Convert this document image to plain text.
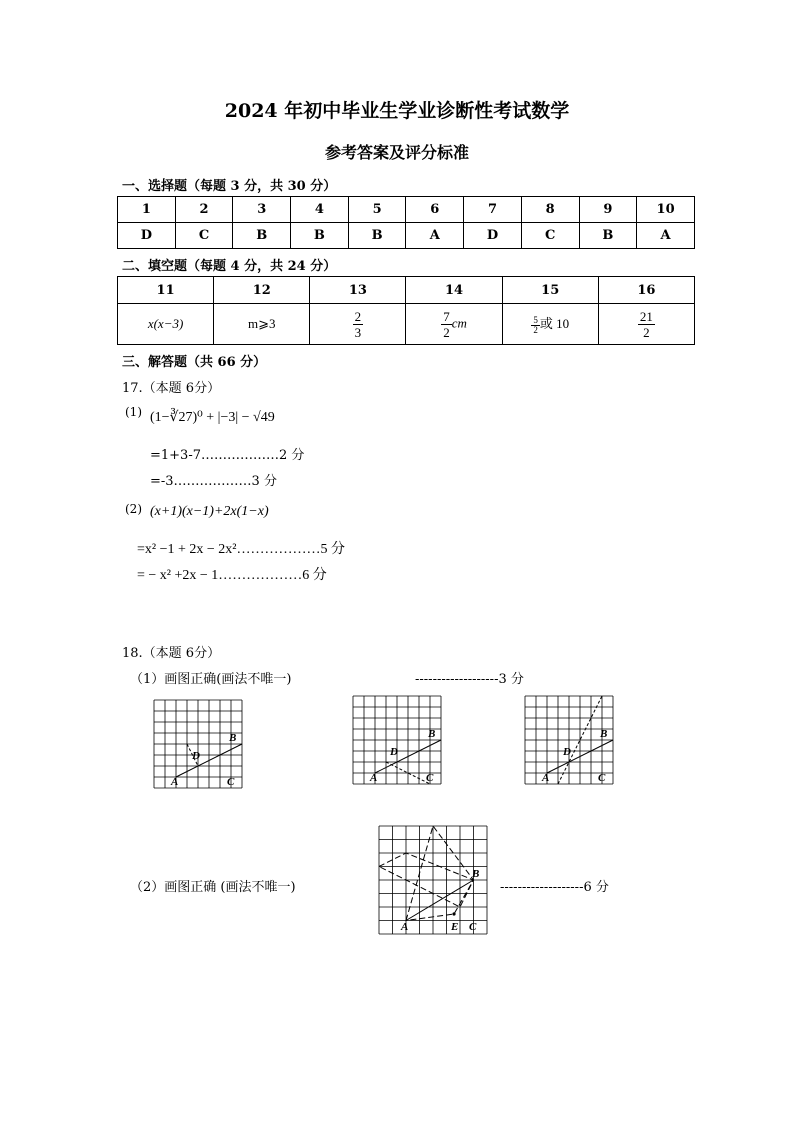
2024 年初中毕业生学业诊断性考试数学
参考答案及评分标准
一、选择题（每题 3 分，共 30 分）
1	2	3	4	5	6	7	8	9	10
D	C	B	B	B	A	D	C	B	A
二、填空题（每题 4 分，共 24 分）
11	12	13	14	15	16
x(x−3)	m⩾3	$\frac{2}{3}$	$\frac{7}{2}$ cm	$\frac{5}{2}$ 或 10	$\frac{21}{2}$
三、解答题（共 66 分）
17.（本题 6分）
(1) (1−∛27)⁰ + |−3| − √49
=1+3-7………………2 分
=-3………………3 分
(2) (x+1)(x−1)+2x(1−x)
=x² −1 + 2x − 2x²………………5 分
= − x² +2x − 1………………6 分
18.（本题 6分）
（1）画图正确(画法不唯一)	-------------------3 分
（2）画图正确 (画法不唯一)	-------------------6 分
A
B
C
D
A
B
C
D
A
B
C
D
A
B
C
E
